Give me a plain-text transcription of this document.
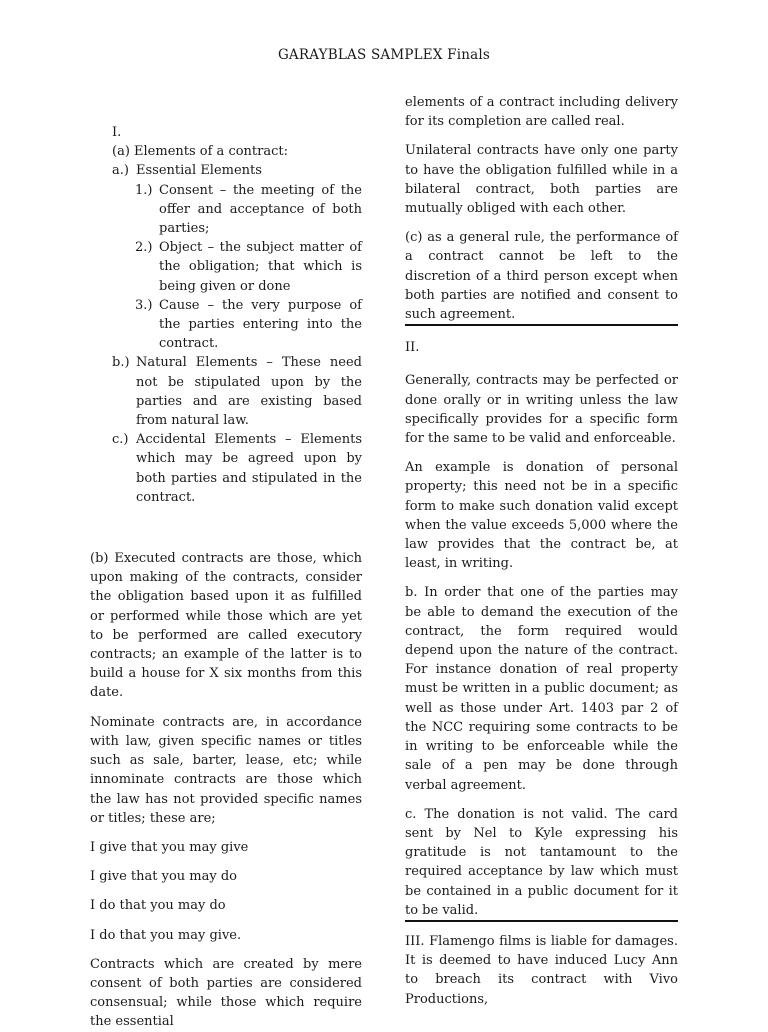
GARAYBLAS SAMPLEX Finals

I.

(a) Elements of a contract:

a.) Essential Elements
1.) Consent – the meeting of the offer and acceptance of both parties;
2.) Object – the subject matter of the obligation; that which is being given or done
3.) Cause – the very purpose of the parties entering into the contract.
b.) Natural Elements – These need not be stipulated upon by the parties and are existing based from natural law.
c.) Accidental Elements – Elements which may be agreed upon by both parties and stipulated in the contract.

(b) Executed contracts are those, which upon making of the contracts, consider the obligation based upon it as fulfilled or performed while those which are yet to be performed are called executory contracts; an example of the latter is to build a house for X six months from this date.

Nominate contracts are, in accordance with law, given specific names or titles such as sale, barter, lease, etc; while innominate contracts are those which the law has not provided specific names or titles; these are;

I give that you may give

I give that you may do

I do that you may do

I do that you may give.

Contracts which are created by mere consent of both parties are considered consensual; while those which require the essential

elements of a contract including delivery for its completion are called real.

Unilateral contracts have only one party to have the obligation fulfilled while in a bilateral contract, both parties are mutually obliged with each other.

(c) as a general rule, the performance of a contract cannot be left to the discretion of a third person except when both parties are notified and consent to such agreement.

II.

Generally, contracts may be perfected or done orally or in writing unless the law specifically provides for a specific form for the same to be valid and enforceable.

An example is donation of personal property; this need not be in a specific form to make such donation valid except when the value exceeds 5,000 where the law provides that the contract be, at least, in writing.

b. In order that one of the parties may be able to demand the execution of the contract, the form required would depend upon the nature of the contract. For instance donation of real property must be written in a public document; as well as those under Art. 1403 par 2 of the NCC requiring some contracts to be in writing to be enforceable while the sale of a pen may be done through verbal agreement.

c. The donation is not valid. The card sent by Nel to Kyle expressing his gratitude is not tantamount to the required acceptance by law which must be contained in a public document for it to be valid.

III. Flamengo films is liable for damages. It is deemed to have induced Lucy Ann to breach its contract with Vivo Productions,
